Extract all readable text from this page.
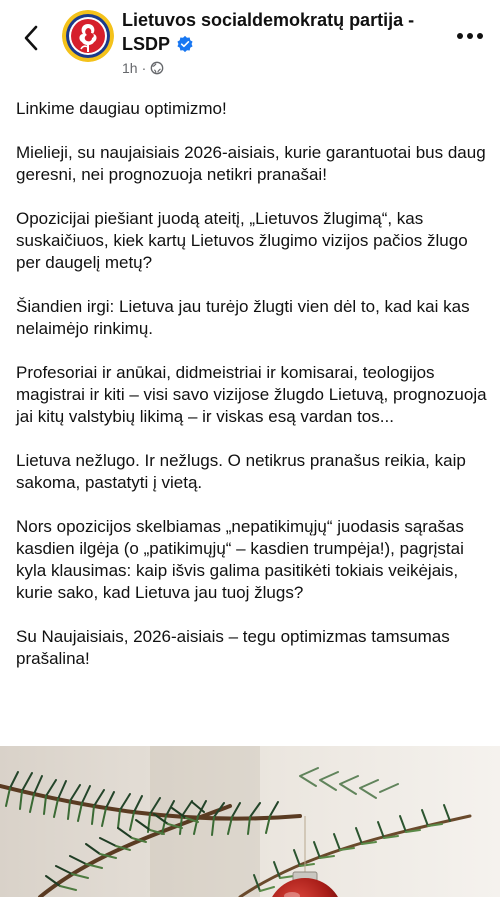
Lietuvos socialdemokratų partija - LSDP
1h ·

Linkime daugiau optimizmo!

Mielieji, su naujaisiais 2026-aisiais, kurie garantuotai bus daug geresni, nei prognozuoja netikri pranašai!

Opozicijai piešiant juodą ateitį, „Lietuvos žlugimą“, kas suskaičiuos, kiek kartų Lietuvos žlugimo vizijos pačios žlugo per daugelį metų?

Šiandien irgi: Lietuva jau turėjo žlugti vien dėl to, kad kai kas nelaimėjo rinkimų.

Profesoriai ir anūkai, didmeistriai ir komisarai, teologijos magistrai ir kiti – visi savo vizijose žlugdo Lietuvą, prognozuoja jai kitų valstybių likimą – ir viskas esą vardan tos...

Lietuva nežlugo. Ir nežlugs. O netikrus pranašus reikia, kaip sakoma, pastatyti į vietą.

Nors opozicijos skelbiamas „nepatikimųjų“ juodasis sąrašas kasdien ilgėja (o „patikimųjų“ – kasdien trumpėja!), pagrįstai kyla klausimas: kaip išvis galima pasitikėti tokiais veikėjais, kurie sako, kad Lietuva jau tuoj žlugs?

Su Naujaisiais, 2026-aisiais – tegu optimizmas tamsumas prašalina!
